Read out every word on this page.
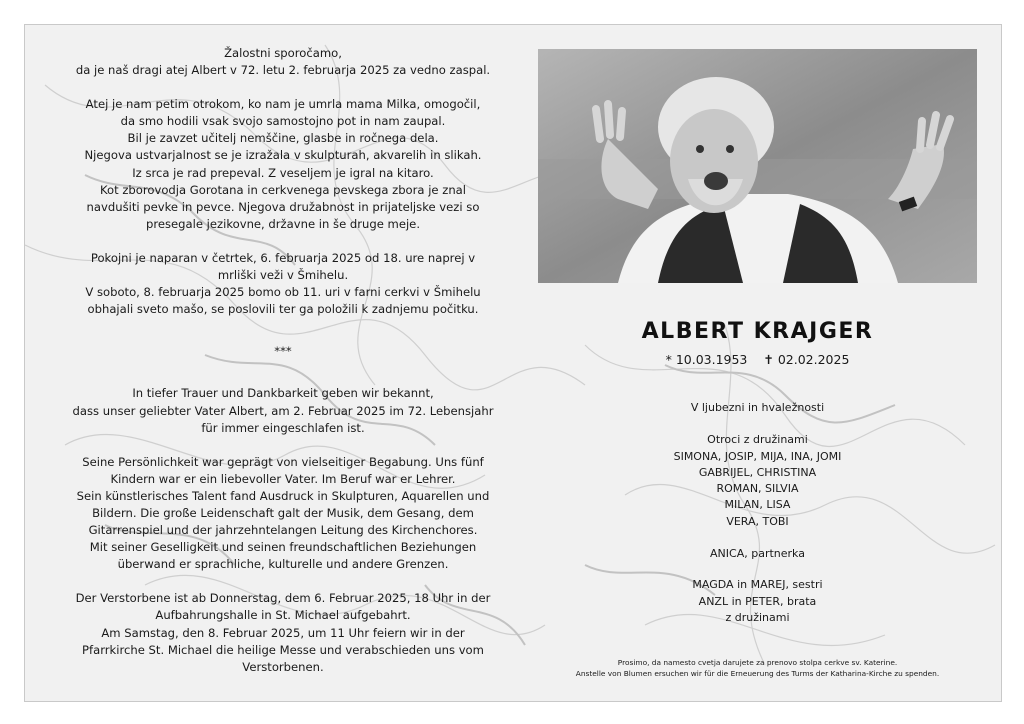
Žalostni sporočamo,
da je naš dragi atej Albert v 72. letu 2. februarja 2025 za vedno zaspal.

Atej je nam petim otrokom, ko nam je umrla mama Milka, omogočil,
da smo hodili vsak svojo samostojno pot in nam zaupal.
Bil je zavzet učitelj nemščine, glasbe in ročnega dela.
Njegova ustvarjalnost se je izražala v skulpturah, akvarelih in slikah.
Iz srca je rad prepeval. Z veseljem je igral na kitaro.
Kot zborovodja Gorotana in cerkvenega pevskega zbora je znal
navdušiti pevke in pevce. Njegova družabnost in prijateljske vezi so
presegale jezikovne, državne in še druge meje.

Pokojni je naparan v četrtek, 6. februarja 2025 od 18. ure naprej v
mrliški veži v Šmihelu.
V soboto, 8. februarja 2025 bomo ob 11. uri v farni cerkvi v Šmihelu
obhajali sveto mašo, se poslovili ter ga položili k zadnjemu počitku.

***

In tiefer Trauer und Dankbarkeit geben wir bekannt,
dass unser geliebter Vater Albert, am 2. Februar 2025 im 72. Lebensjahr
für immer eingeschlafen ist.

Seine Persönlichkeit war geprägt von vielseitiger Begabung. Uns fünf
Kindern war er ein liebevoller Vater. Im Beruf war er Lehrer.
Sein künstlerisches Talent fand Ausdruck in Skulpturen, Aquarellen und
Bildern. Die große Leidenschaft galt der Musik, dem Gesang, dem
Gitarrenspiel und der jahrzehntelangen Leitung des Kirchenchores.
Mit seiner Geselligkeit und seinen freundschaftlichen Beziehungen
überwand er sprachliche, kulturelle und andere Grenzen.

Der Verstorbene ist ab Donnerstag, dem 6. Februar 2025, 18 Uhr in der
Aufbahrungshalle in St. Michael aufgebahrt.
Am Samstag, den 8. Februar 2025, um 11 Uhr feiern wir in der
Pfarrkirche St. Michael die heilige Messe und verabschieden uns vom
Verstorbenen.

ALBERT KRAJGER
* 10.03.1953 ✝ 02.02.2025
V ljubezni in hvaležnosti
Otroci z družinami
SIMONA, JOSIP, MIJA, INA, JOMI
GABRIJEL, CHRISTINA
ROMAN, SILVIA
MILAN, LISA
VERA, TOBI
ANICA, partnerka
MAGDA in MAREJ, sestri
ANZL in PETER, brata
z družinami
Prosimo, da namesto cvetja darujete za prenovo stolpa cerkve sv. Katerine.
Anstelle von Blumen ersuchen wir für die Erneuerung des Turms der Katharina-Kirche zu spenden.
